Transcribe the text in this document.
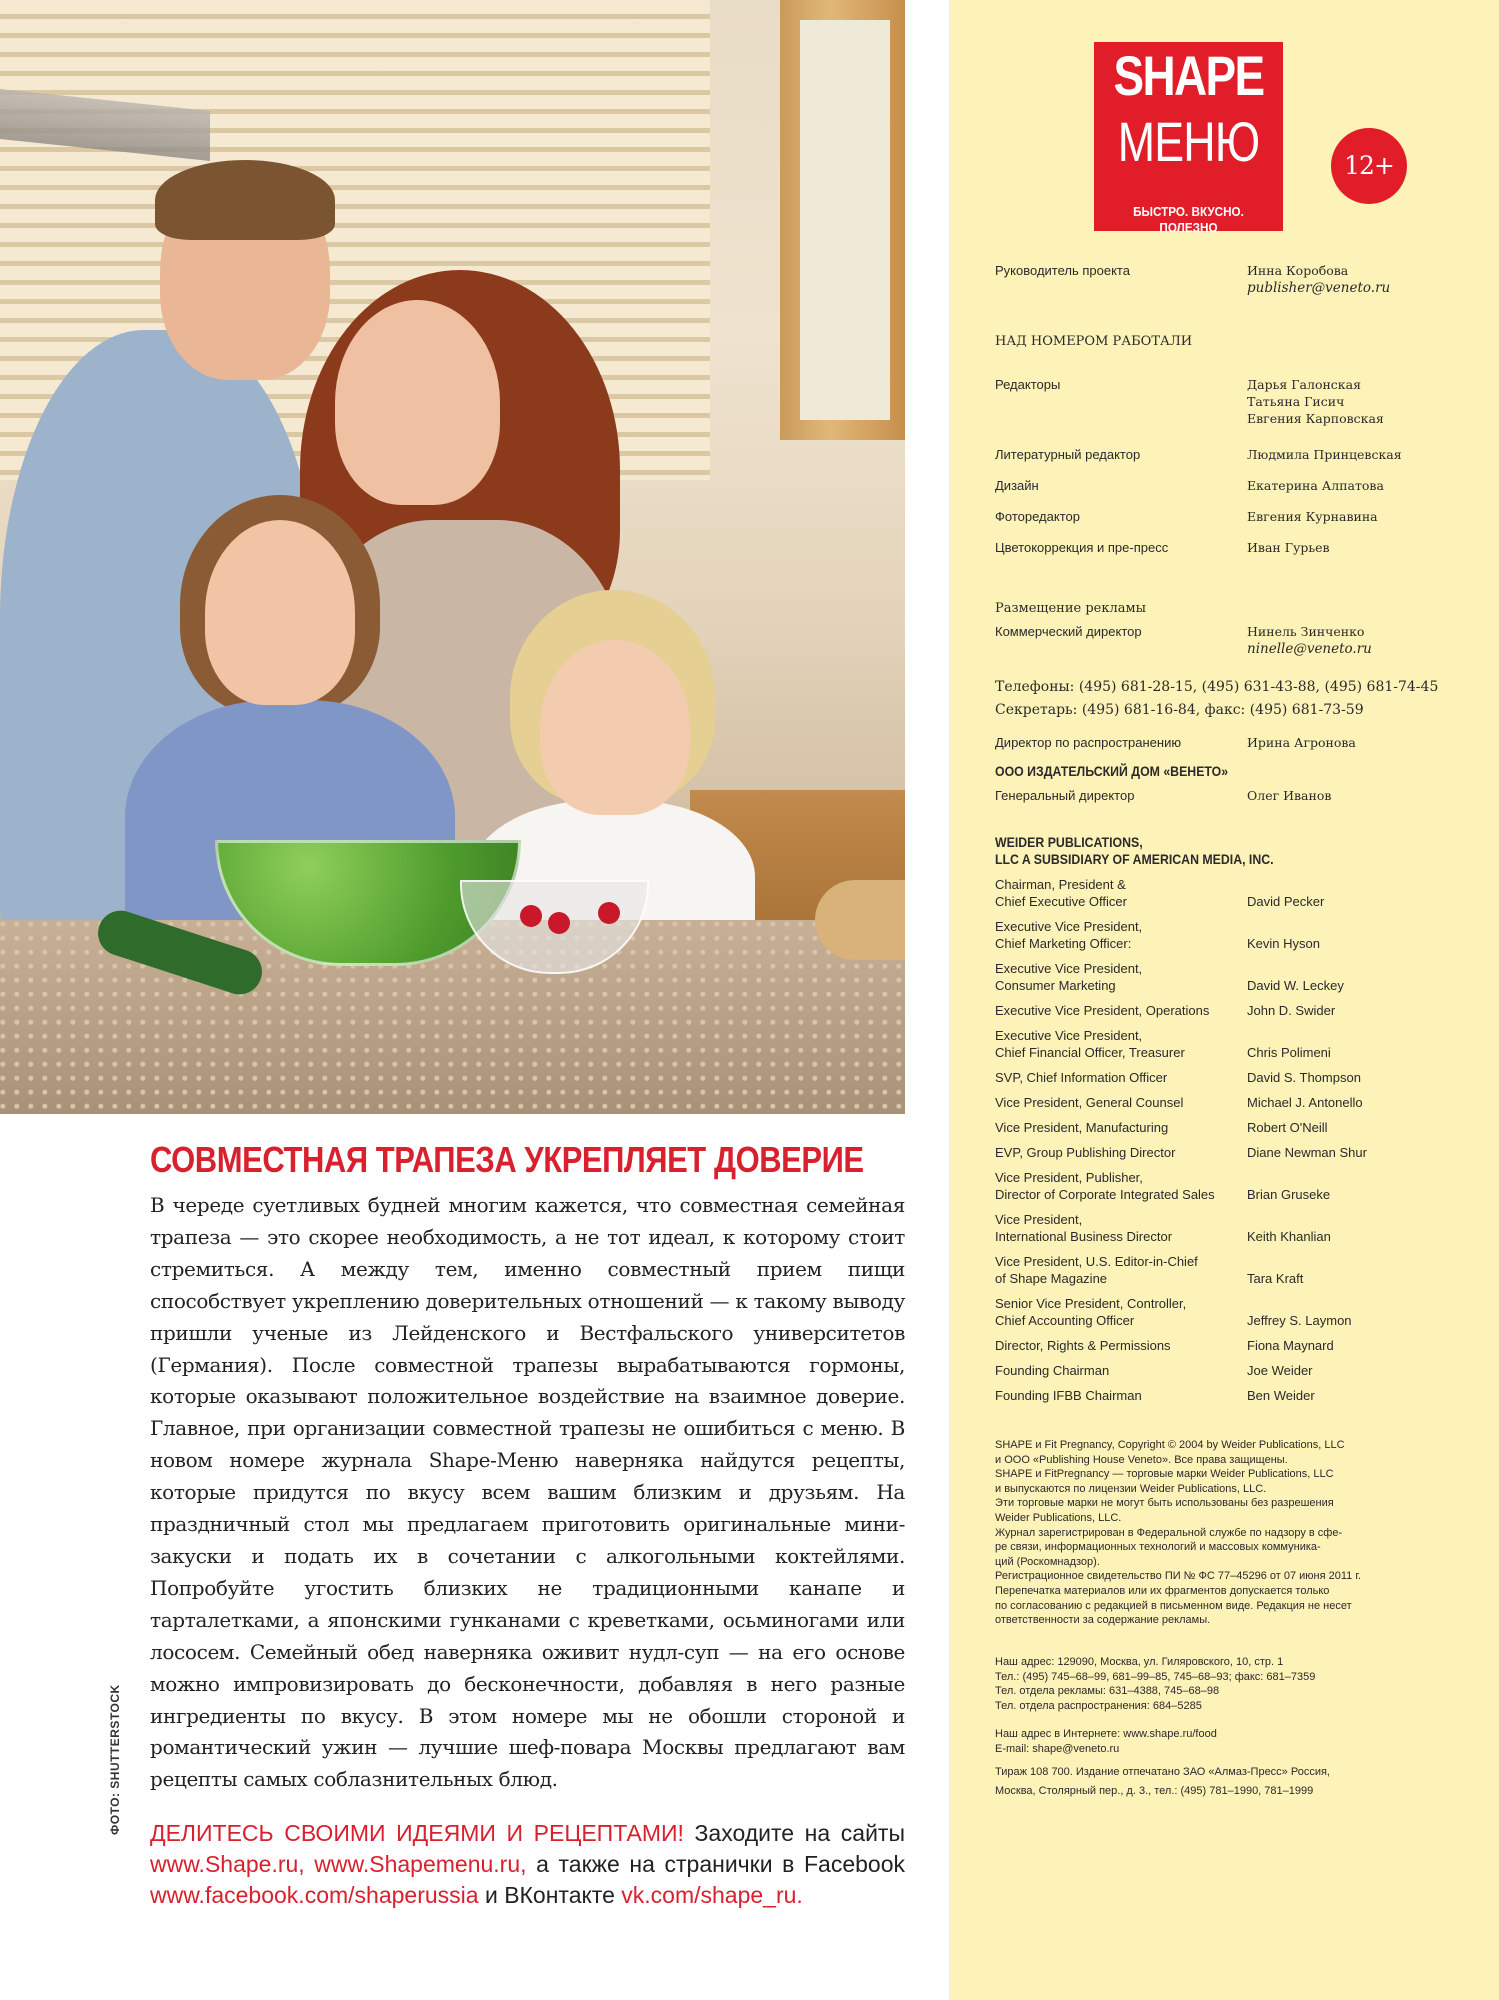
ФОТО: SHUTTERSTOCK
СОВМЕСТНАЯ ТРАПЕЗА УКРЕПЛЯЕТ ДОВЕРИЕ

В череде суетливых будней многим кажется, что совместная семейная трапеза — это скорее необходимость, а не тот идеал, к которому стоит стремиться. А между тем, именно совместный прием пищи способствует укреплению доверительных отношений — к такому выводу пришли ученые из Лейденского и Вестфальского университетов (Германия). После совместной трапезы вырабатываются гормоны, которые оказывают положительное воздействие на взаимное доверие. Главное, при организации совместной трапезы не ошибиться с меню. В новом номере журнала Shape-Меню наверняка найдутся рецепты, которые придутся по вкусу всем вашим близким и друзьям. На праздничный стол мы предлагаем приготовить оригинальные мини-закуски и подать их в сочетании с алкогольными коктейлями. Попробуйте угостить близких не традиционными канапе и тарталетками, а японскими гунканами с креветками, осьминогами или лососем. Семейный обед наверняка оживит нудл-суп — на его основе можно импровизировать до бесконечности, добавляя в него разные ингредиенты по вкусу. В этом номере мы не обошли стороной и романтический ужин — лучшие шеф-повара Москвы предлагают вам рецепты самых соблазнительных блюд.

ДЕЛИТЕСЬ СВОИМИ ИДЕЯМИ И РЕЦЕПТАМИ! Заходите на сайты www.Shape.ru, www.Shapemenu.ru, а также на странички в Facebook www.facebook.com/shaperussia и ВКонтакте vk.com/shape_ru.
SHAPE
МЕНЮ
БЫСТРО. ВКУСНО. ПОЛЕЗНО
12+
Руководитель проекта	Инна Коробова
publisher@veneto.ru
НАД НОМЕРОМ РАБОТАЛИ
Редакторы	Дарья Галонская
Татьяна Гисич
Евгения Карповская
Литературный редактор	Людмила Принцевская
Дизайн	Екатерина Алпатова
Фоторедактор	Евгения Курнавина
Цветокоррекция и пре-пресс	Иван Гурьев
Размещение рекламы
Коммерческий директор	Нинель Зинченко
ninelle@veneto.ru
Телефоны: (495) 681-28-15, (495) 631-43-88, (495) 681-74-45
Секретарь: (495) 681-16-84, факс: (495) 681-73-59
Директор по распространению	Ирина Агронова
ООО ИЗДАТЕЛЬСКИЙ ДОМ «ВЕНЕТО»
Генеральный директор	Олег Иванов
WEIDER PUBLICATIONS,
LLC A SUBSIDIARY OF AMERICAN MEDIA, INC.
Chairman, President &
Chief Executive Officer	David Pecker
Executive Vice President,
Chief Marketing Officer:	Kevin Hyson
Executive Vice President,
Consumer Marketing	David W. Leckey
Executive Vice President, Operations	John D. Swider
Executive Vice President,
Chief Financial Officer, Treasurer	Chris Polimeni
SVP, Chief Information Officer	David S. Thompson
Vice President, General Counsel	Michael J. Antonello
Vice President, Manufacturing	Robert O'Neill
EVP, Group Publishing Director	Diane Newman Shur
Vice President, Publisher,
Director of Corporate Integrated Sales	Brian Gruseke
Vice President,
International Business Director	Keith Khanlian
Vice President, U.S. Editor-in-Chief
of Shape Magazine	Tara Kraft
Senior Vice President, Controller,
Chief Accounting Officer	Jeffrey S. Laymon
Director, Rights & Permissions	Fiona Maynard
Founding Chairman	Joe Weider
Founding IFBB Chairman	Ben Weider

SHAPE и Fit Pregnancy, Copyright © 2004 by Weider Publications, LLC

и ООО «Publishing House Veneto». Все права защищены.

SHAPE и FitPregnancy — торговые марки Weider Publications, LLC

и выпускаются по лицензии Weider Publications, LLC.

Эти торговые марки не могут быть использованы без разрешения

Weider Publications, LLC.

Журнал зарегистрирован в Федеральной службе по надзору в сфе-

ре связи, информационных технологий и массовых коммуника-

ций (Роскомнадзор).

Регистрационное свидетельство ПИ № ФС 77–45296 от 07 июня 2011 г.

Перепечатка материалов или их фрагментов допускается только

по согласованию с редакцией в письменном виде. Редакция не несет

ответственности за содержание рекламы.

Наш адрес: 129090, Москва, ул. Гиляровского, 10, стр. 1

Тел.: (495) 745–68–99, 681–99–85, 745–68–93; факс: 681–7359

Тел. отдела рекламы: 631–4388, 745–68–98

Тел. отдела распространения: 684–5285

Наш адрес в Интернете: www.shape.ru/food

E-mail: shape@veneto.ru

Тираж 108 700. Издание отпечатано ЗАО «Алмаз-Пресс» Россия,

Москва, Столярный пер., д. 3., тел.: (495) 781–1990, 781–1999
